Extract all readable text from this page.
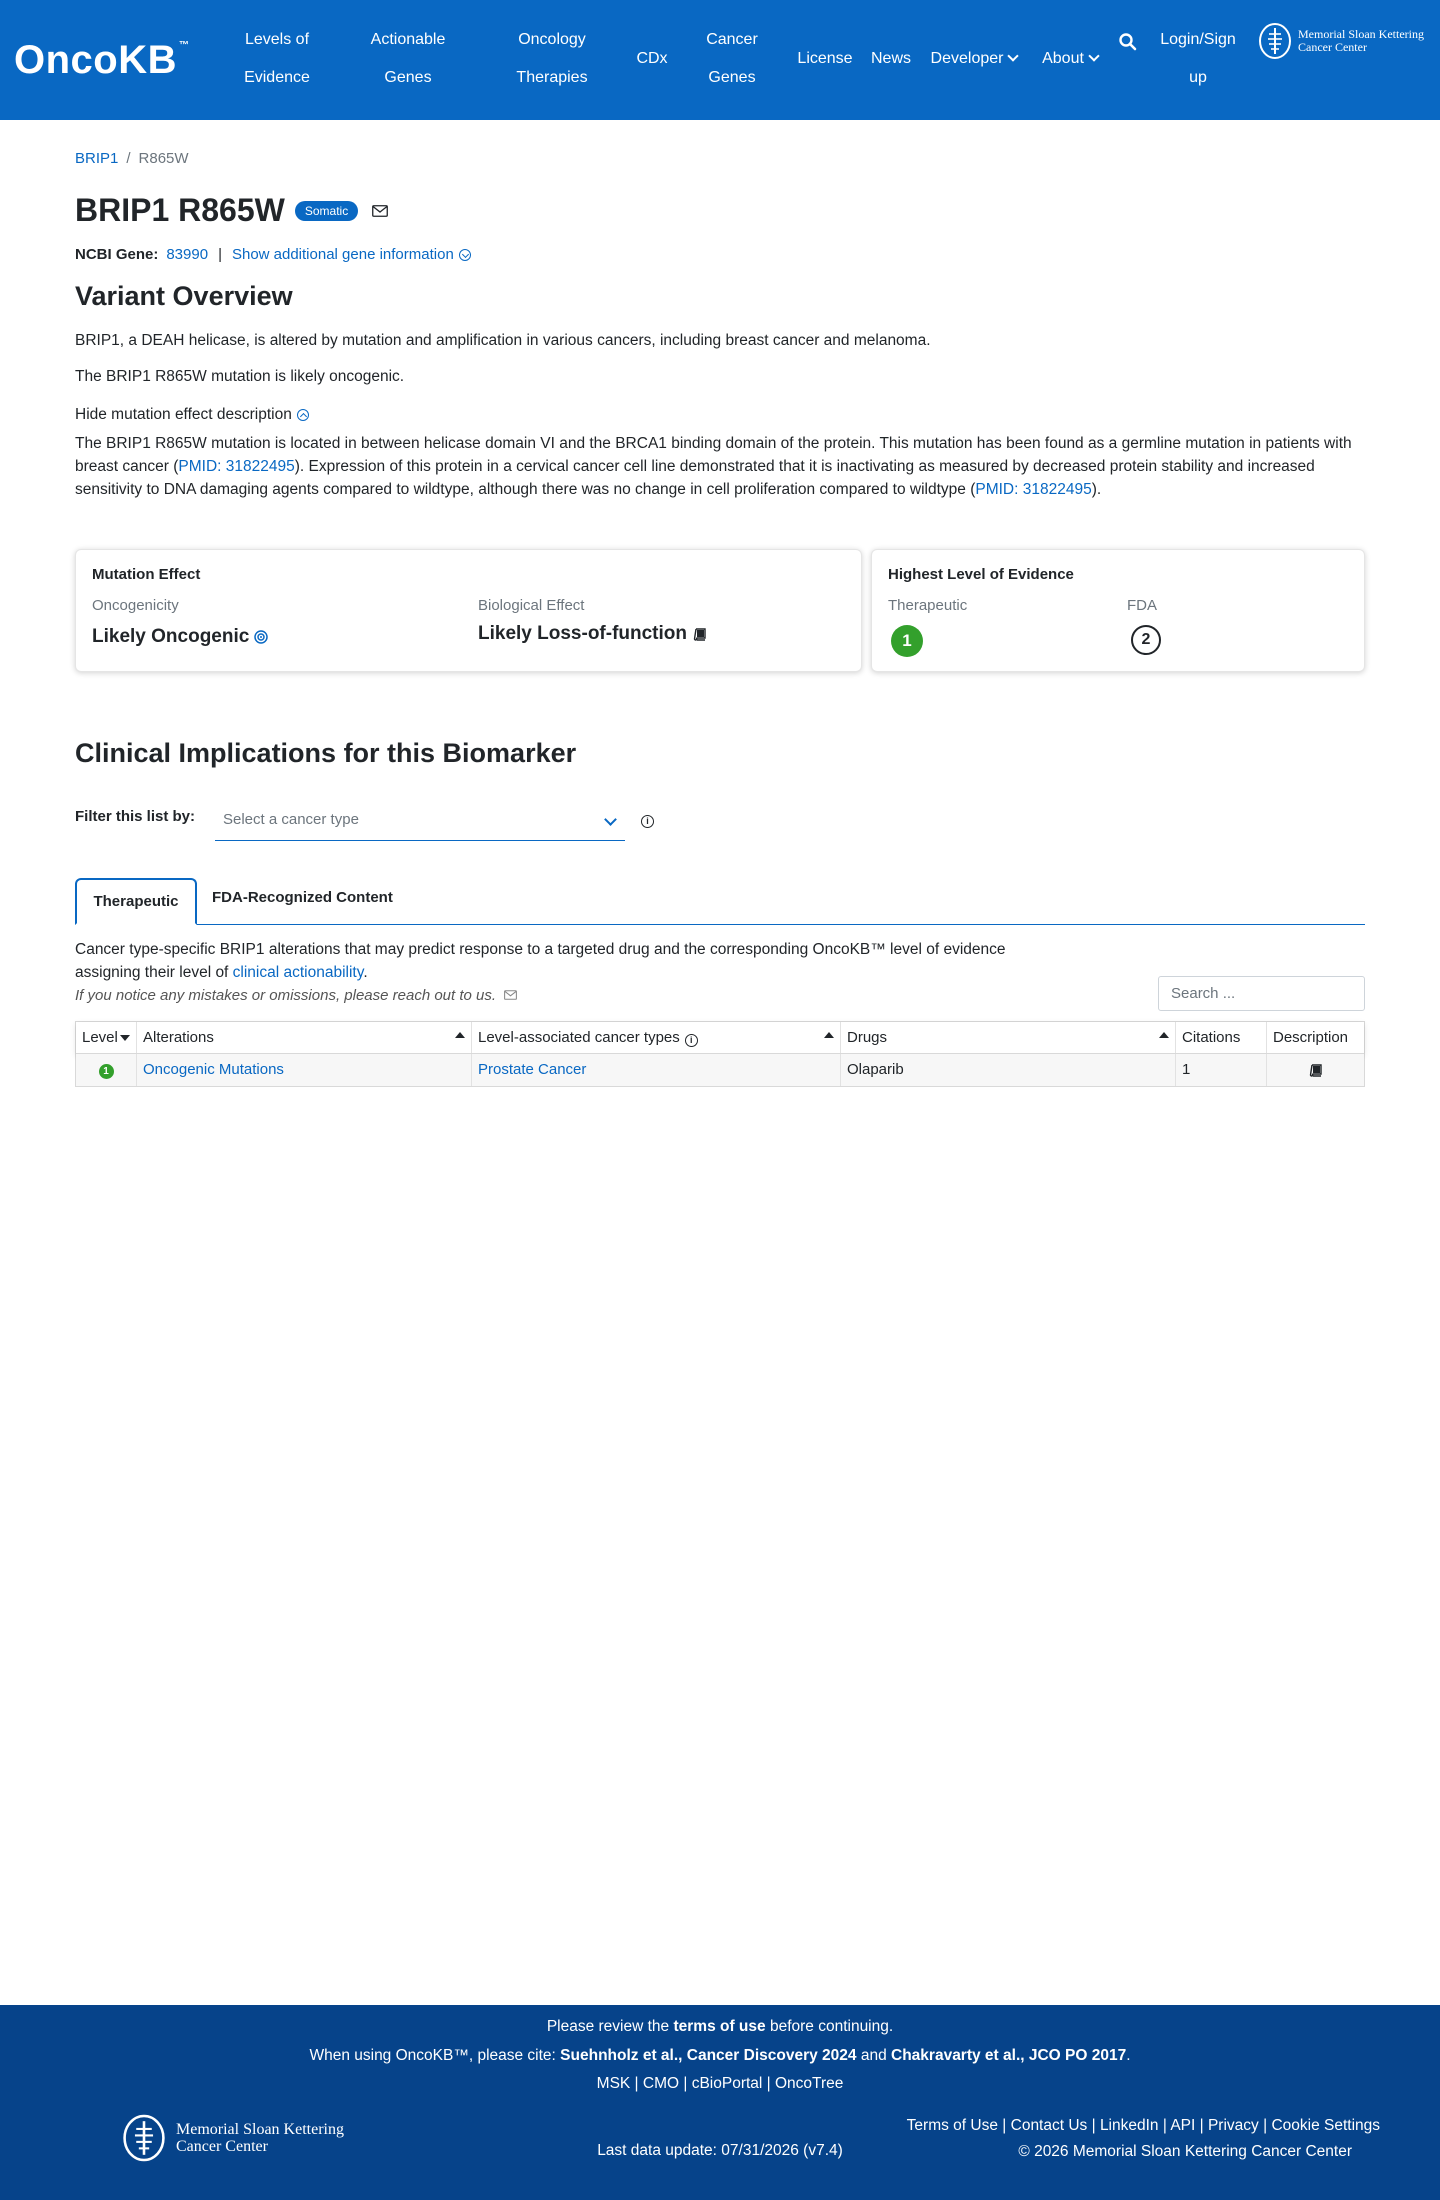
OncoKB ™	Levels of
Evidence
Actionable
Genes
Oncology
Therapies
CDx
Cancer
Genes
License	News Developer	About
Login/Sign
up
Memorial Sloan Kettering
Cancer Center
BRIP1 / R865W
BRIP1 R865W	Somatic
NCBI Gene: 83990 | Show additional gene information
Variant Overview
BRIP1, a DEAH helicase, is altered by mutation and amplification in various cancers, including breast cancer and melanoma.
The BRIP1 R865W mutation is likely oncogenic.
Hide mutation effect description
The BRIP1 R865W mutation is located in between helicase domain VI and the BRCA1 binding domain of the protein. This mutation has been found as a germline mutation in patients with breast cancer (PMID: 31822495). Expression of this protein in a cervical cancer cell line demonstrated that it is inactivating as measured by decreased protein stability and increased sensitivity to DNA damaging agents compared to wildtype, although there was no change in cell proliferation compared to wildtype (PMID: 31822495).
Mutation Effect
Oncogenicity
Likely Oncogenic
Biological Effect
Likely Loss-of-function
Highest Level of Evidence
Therapeutic
1
FDA
2
Clinical Implications for this Biomarker
Filter this list by:	Select a cancer type	i
Therapeutic	FDA-Recognized Content
Cancer type-specific BRIP1 alterations that may predict response to a targeted drug and the corresponding OncoKB™ level of evidence
assigning their level of clinical actionability.
If you notice any mistakes or omissions, please reach out to us.	Search ...
Level	Alterations	Level-associated cancer types i	Drugs	Citations	Description
1	Oncogenic Mutations	Prostate Cancer	Olaparib	1
Please review the terms of use before continuing.
When using OncoKB™, please cite: Suehnholz et al., Cancer Discovery 2024 and Chakravarty et al., JCO PO 2017.
MSK | CMO | cBioPortal | OncoTree
Memorial Sloan Kettering
Cancer Center	Last data update: 07/31/2026 (v7.4)
Terms of Use | Contact Us | LinkedIn | API | Privacy | Cookie Settings
© 2026 Memorial Sloan Kettering Cancer Center
